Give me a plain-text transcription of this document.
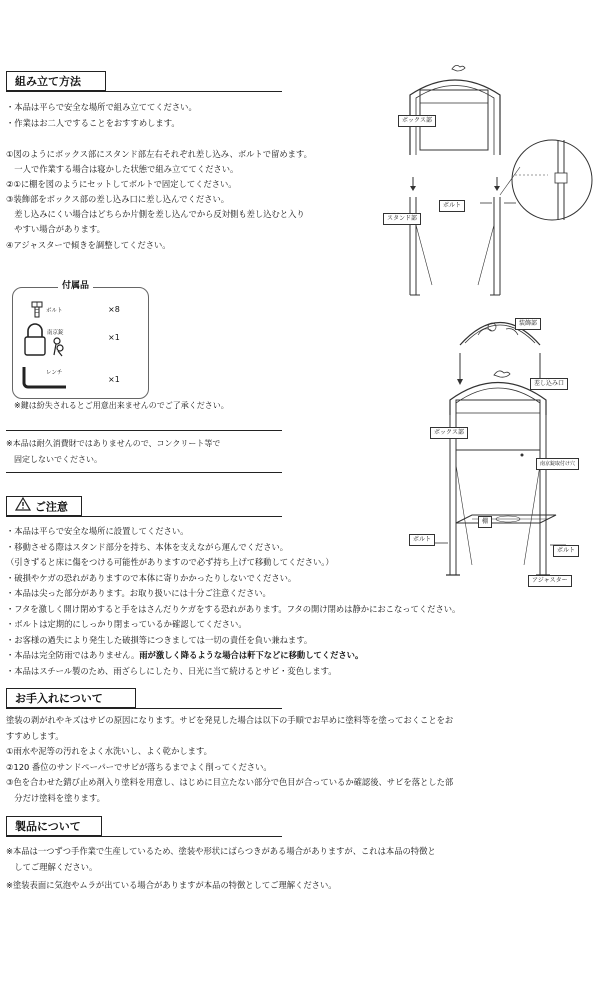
組み立て方法
・本品は平らで安全な場所で組み立ててください。
・作業はお二人ですることをおすすめします。
①図のようにボックス部にスタンド部左右それぞれ差し込み、ボルトで留めます。
　一人で作業する場合は寝かした状態で組み立ててください。
②①に棚を図のようにセットしてボルトで固定してください。
③装飾部をボックス部の差し込み口に差し込んでください。
　差し込みにくい場合はどちらか片側を差し込んでから反対側も差し込むと入り
　やすい場合があります。
④アジャスターで傾きを調整してください。
付属品
ボルト	×8
南京錠	×1
レンチ
×1
※鍵は紛失されるとご用意出来ませんのでご了承ください。
※本品は耐久消費財ではありませんので、コンクリート等で
　固定しないでください。
ご注意
・本品は平らで安全な場所に設置してください。
・移動させる際はスタンド部分を持ち、本体を支えながら運んでください。
（引きずると床に傷をつける可能性がありますので必ず持ち上げて移動してください。）
・破損やケガの恐れがありますので本体に寄りかかったりしないでください。
・本品は尖った部分があります。お取り扱いには十分ご注意ください。
・フタを激しく開け閉めすると手をはさんだりケガをする恐れがあります。フタの開け閉めは静かにおこなってください。
・ボルトは定期的にしっかり閉まっているか確認してください。
・お客様の過失により発生した破損等につきましては一切の責任を負い兼ねます。
・本品は完全防雨ではありません。雨が激しく降るような場合は軒下などに移動してください。
・本品はスチール製のため、雨ざらしにしたり、日光に当て続けるとサビ・変色します。
お手入れについて
塗装の剥がれやキズはサビの原因になります。サビを発見した場合は以下の手順でお早めに塗料等を塗っておくことをお
すすめします。
①雨水や泥等の汚れをよく水洗いし、よく乾かします。
②120 番位のサンドペーパーでサビが落ちるまでよく削ってください。
③色を合わせた錆び止め剤入り塗料を用意し、はじめに目立たない部分で色目が合っているか確認後、サビを落とした部
　分だけ塗料を塗ります。
製品について
※本品は一つずつ手作業で生産しているため、塗装や形状にばらつきがある場合がありますが、これは本品の特徴と
　してご理解ください。
※塗装表面に気泡やムラが出ている場合がありますが本品の特徴としてご理解ください。
ボックス部
スタンド部
ボルト
装飾部
差し込み口
ボックス部
南京錠取付け穴
棚
ボルト
ボルト
アジャスター
